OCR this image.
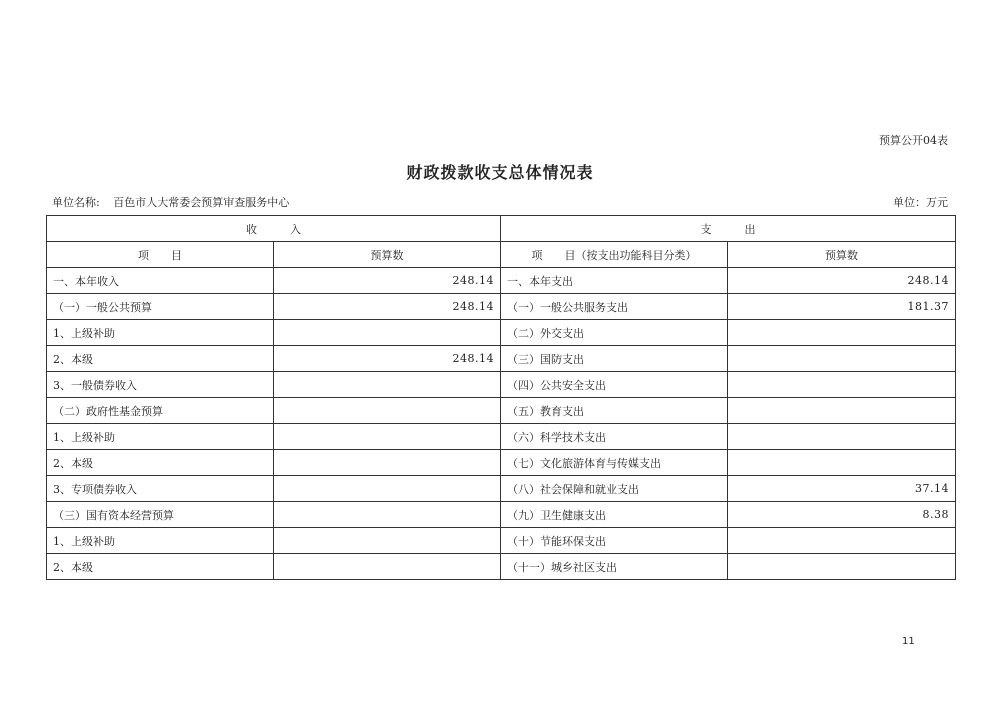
预算公开04表
财政拨款收支总体情况表
单位名称: 百色市人大常委会预算审查服务中心	单位：万元
收　　　入		支　　　出	
项　　目	预算数	项　　目（按支出功能科目分类）	预算数
一、本年收入	248.14	一、本年支出	248.14
（一）一般公共预算	248.14	（一）一般公共服务支出	181.37
1、上级补助		（二）外交支出	
2、本级	248.14	（三）国防支出	
3、一般债券收入		（四）公共安全支出	
（二）政府性基金预算		（五）教育支出	
1、上级补助		（六）科学技术支出	
2、本级		（七）文化旅游体育与传媒支出	
3、专项债券收入		（八）社会保障和就业支出	37.14
（三）国有资本经营预算		（九）卫生健康支出	8.38
1、上级补助		（十）节能环保支出	
2、本级		（十一）城乡社区支出	
11
